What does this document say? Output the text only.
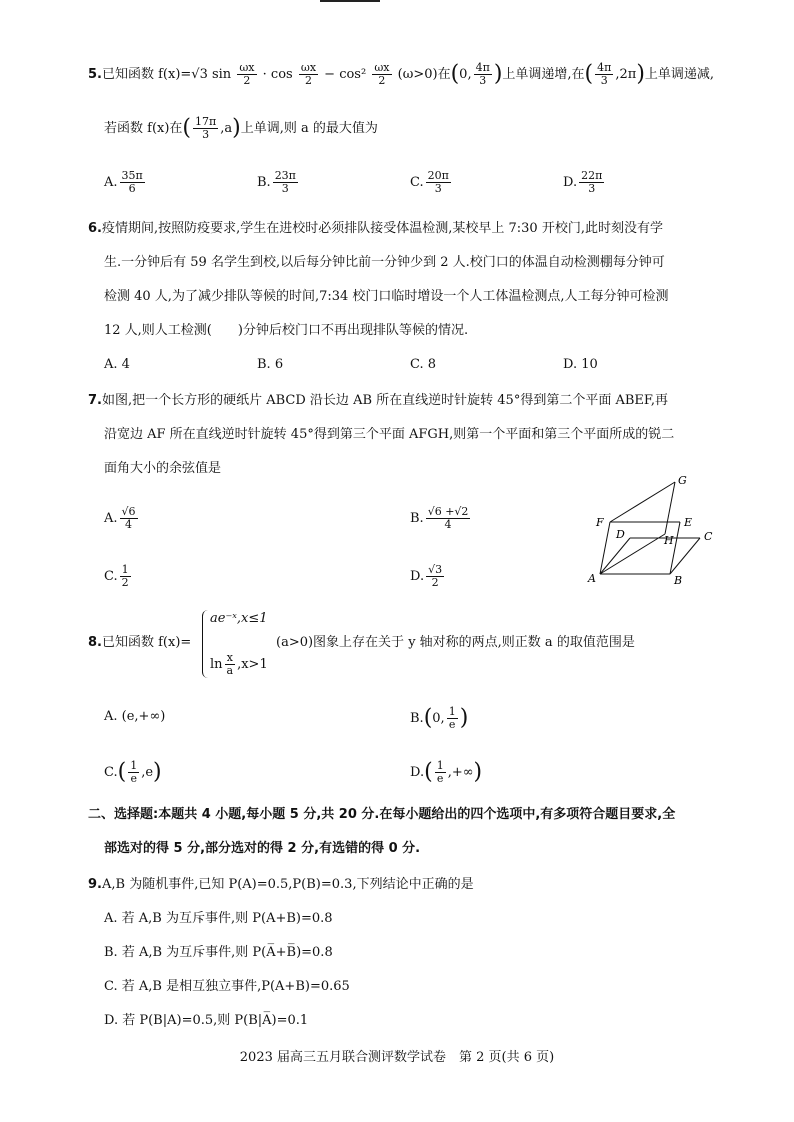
5.已知函数 f(x)=√3 $\sin \frac{\omega x}{2} \cdot \cos \frac{\omega x}{2} - \cos^2 \frac{\omega x}{2} (\omega>0)$在(0, $\frac{4\pi}{3}$ )上单调递增,在( $\frac{4\pi}{3} ,2\pi$)上单调递减,
若函数 f(x)在( $\frac{17\pi}{3} ,a$)上单调,则 a 的最大值为
A. $\frac{35\pi}{6}$	B. $\frac{23\pi}{3}$	C. $\frac{20\pi}{3}$	D. $\frac{22\pi}{3}$
6.疫情期间,按照防疫要求,学生在进校时必须排队接受体温检测,某校早上 7:30 开校门,此时刻没有学
生.一分钟后有 59 名学生到校,以后每分钟比前一分钟少到 2 人.校门口的体温自动检测棚每分钟可
检测 40 人,为了减少排队等候的时间,7:34 校门口临时增设一个人工体温检测点,人工每分钟可检测
12 人,则人工检测(　　)分钟后校门口不再出现排队等候的情况.
A. 4	B. 6	C. 8	D. 10
7.如图,把一个长方形的硬纸片 ABCD 沿长边 AB 所在直线逆时针旋转 45°得到第二个平面 ABEF,再
沿宽边 AF 所在直线逆时针旋转 45°得到第三个平面 AFGH,则第一个平面和第三个平面所成的锐二
面角大小的余弦值是
A. $\frac{√6}{4}$	B. $\frac{√6 +√2}{4}$
C. $\frac{1}{2}$	D. $\frac{√3}{2}$
G
F	E
D	H	C
A	B
8.已知函数 f(x)=
ae⁻ˣ,x≤1
$\ln \frac{x}{a} ,x>1$
(a>0)图象上存在关于 y 轴对称的两点,则正数 a 的取值范围是
A. (e,+∞)	B.(0, $\frac{1}{e}$ )
$C.( \frac{1}{e} ,e)$	$D.( \frac{1}{e}$ ,+∞)
二、选择题:本题共 4 小题,每小题 5 分,共 20 分.在每小题给出的四个选项中,有多项符合题目要求,全
部选对的得 5 分,部分选对的得 2 分,有选错的得 0 分.
9.A,B 为随机事件,已知 P(A)=0.5,P(B)=0.3,下列结论中正确的是
A. 若 A,B 为互斥事件,则 P(A+B)=0.8
B. 若 A,B 为互斥事件,则 P(A̅+B̅)=0.8
C. 若 A,B 是相互独立事件,P(A+B)=0.65
D. 若 P(B|A)=0.5,则 P(B|A̅)=0.1
2023 届高三五月联合测评数学试卷　第 2 页(共 6 页)
